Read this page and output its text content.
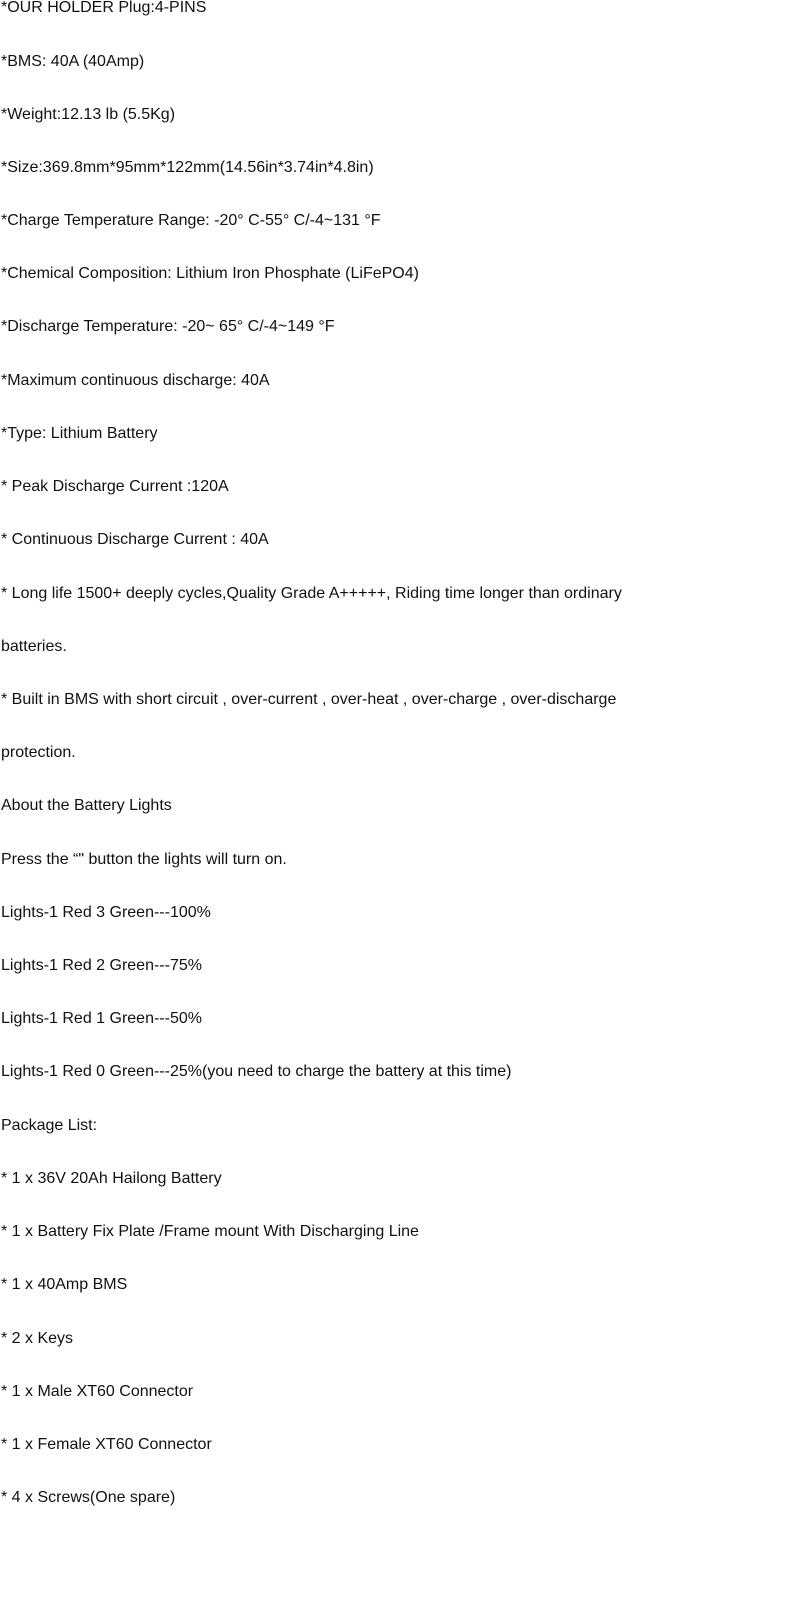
*OUR HOLDER Plug:4-PINS
*BMS: 40A (40Amp)
*Weight:12.13 lb (5.5Kg)
*Size:369.8mm*95mm*122mm(14.56in*3.74in*4.8in)
*Charge Temperature Range: -20° C-55° C/-4~131 °F
*Chemical Composition: Lithium Iron Phosphate (LiFePO4)
*Discharge Temperature: -20~ 65° C/-4~149 °F
*Maximum continuous discharge: 40A
*Type: Lithium Battery
* Peak Discharge Current :120A
* Continuous Discharge Current : 40A
* Long life 1500+ deeply cycles,Quality Grade A+++++, Riding time longer than ordinary
batteries.
* Built in BMS with short circuit , over-current , over-heat , over-charge , over-discharge
protection.
About the Battery Lights
Press the “" button the lights will turn on.
Lights-1 Red 3 Green---100%
Lights-1 Red 2 Green---75%
Lights-1 Red 1 Green---50%
Lights-1 Red 0 Green---25%(you need to charge the battery at this time)
Package List:
* 1 x 36V 20Ah Hailong Battery
* 1 x Battery Fix Plate /Frame mount With Discharging Line
* 1 x 40Amp BMS
* 2 x Keys
* 1 x Male XT60 Connector
* 1 x Female XT60 Connector
* 4 x Screws(One spare)
